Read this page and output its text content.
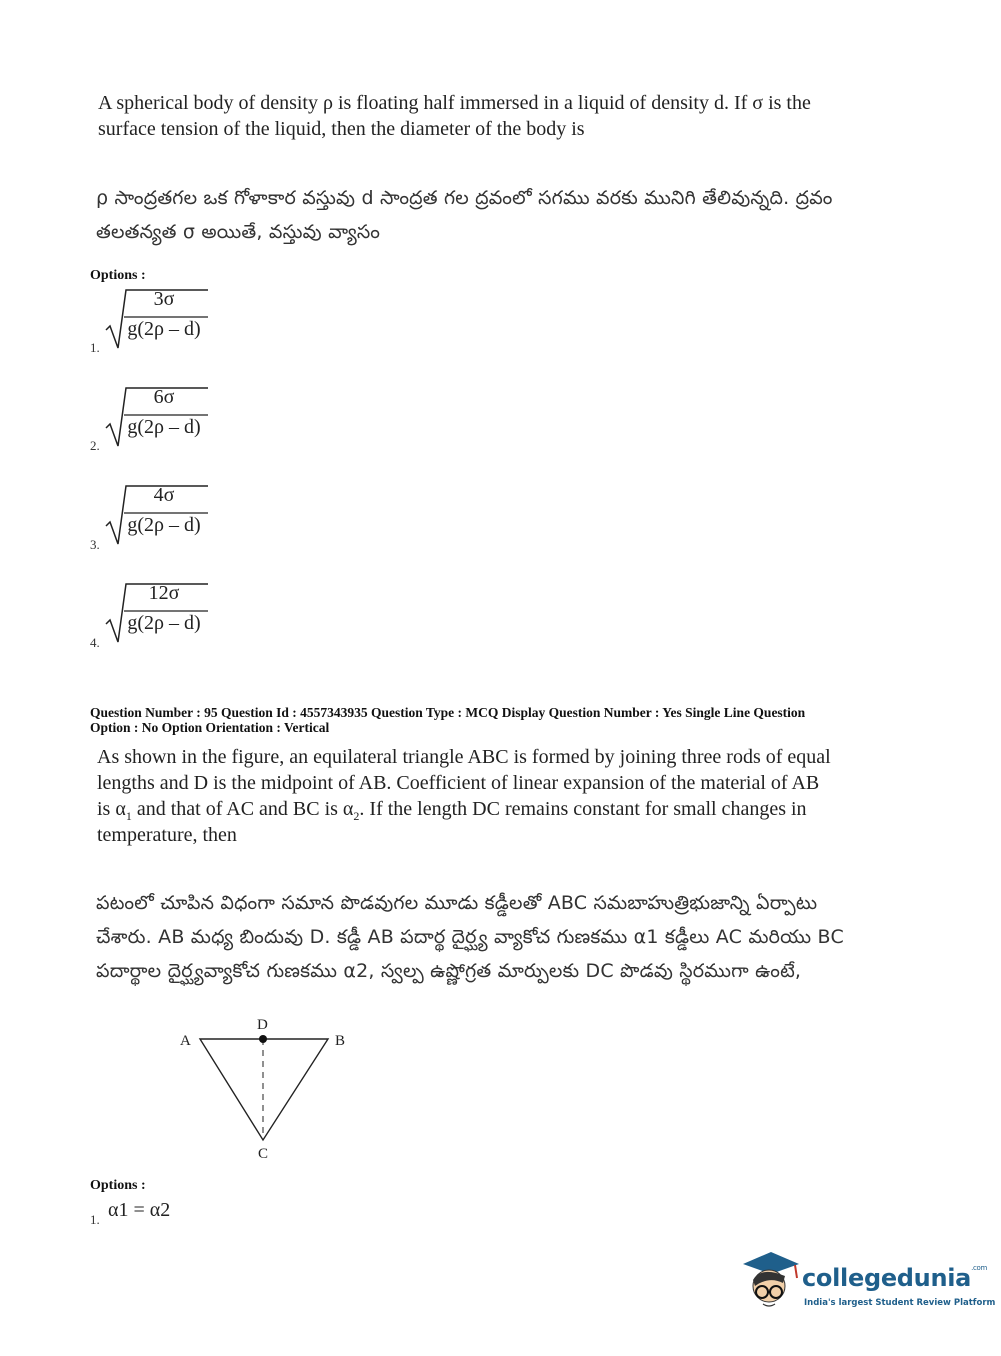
A spherical body of density ρ is floating half immersed in a liquid of density d. If σ is the
surface tension of the liquid, then the diameter of the body is
ρ సాంద్రతగల ఒక గోళాకార వస్తువు d సాంద్రత గల ద్రవంలో సగము వరకు మునిగి తేలివున్నది. ద్రవం
తలతన్యత σ అయితే, వస్తువు వ్యాసం
Options :
1.
3σ
g(2ρ – d)
2.
6σ
g(2ρ – d)
3.
4σ
g(2ρ – d)
4.
12σ
g(2ρ – d)
Question Number : 95 Question Id : 4557343935 Question Type : MCQ Display Question Number : Yes Single Line Question
Option : No Option Orientation : Vertical
As shown in the figure, an equilateral triangle ABC is formed by joining three rods of equal
lengths and D is the midpoint of AB. Coefficient of linear expansion of the material of AB
is $\alpha_1$ and that of AC and BC is $\alpha_2$. If the length DC remains constant for small changes in
temperature, then
పటంలో చూపిన విధంగా సమాన పొడవుగల మూడు కడ్డీలతో ABC సమబాహుత్రిభుజాన్ని ఏర్పాటు
చేశారు. AB మధ్య బిందువు D. కడ్డీ AB పదార్థ దైర్ఘ్య వ్యాకోచ గుణకము α1 కడ్డీలు AC మరియు BC
పదార్థాల దైర్ఘ్యవ్యాకోచ గుణకము α2, స్వల్ప ఉష్ణోగ్రత మార్పులకు DC పొడవు స్థిరముగా ఉంటే,
A	B
C
D
Options :
1. α1 = α2
collegedunia$^{.com}$
India's largest Student Review Platform
